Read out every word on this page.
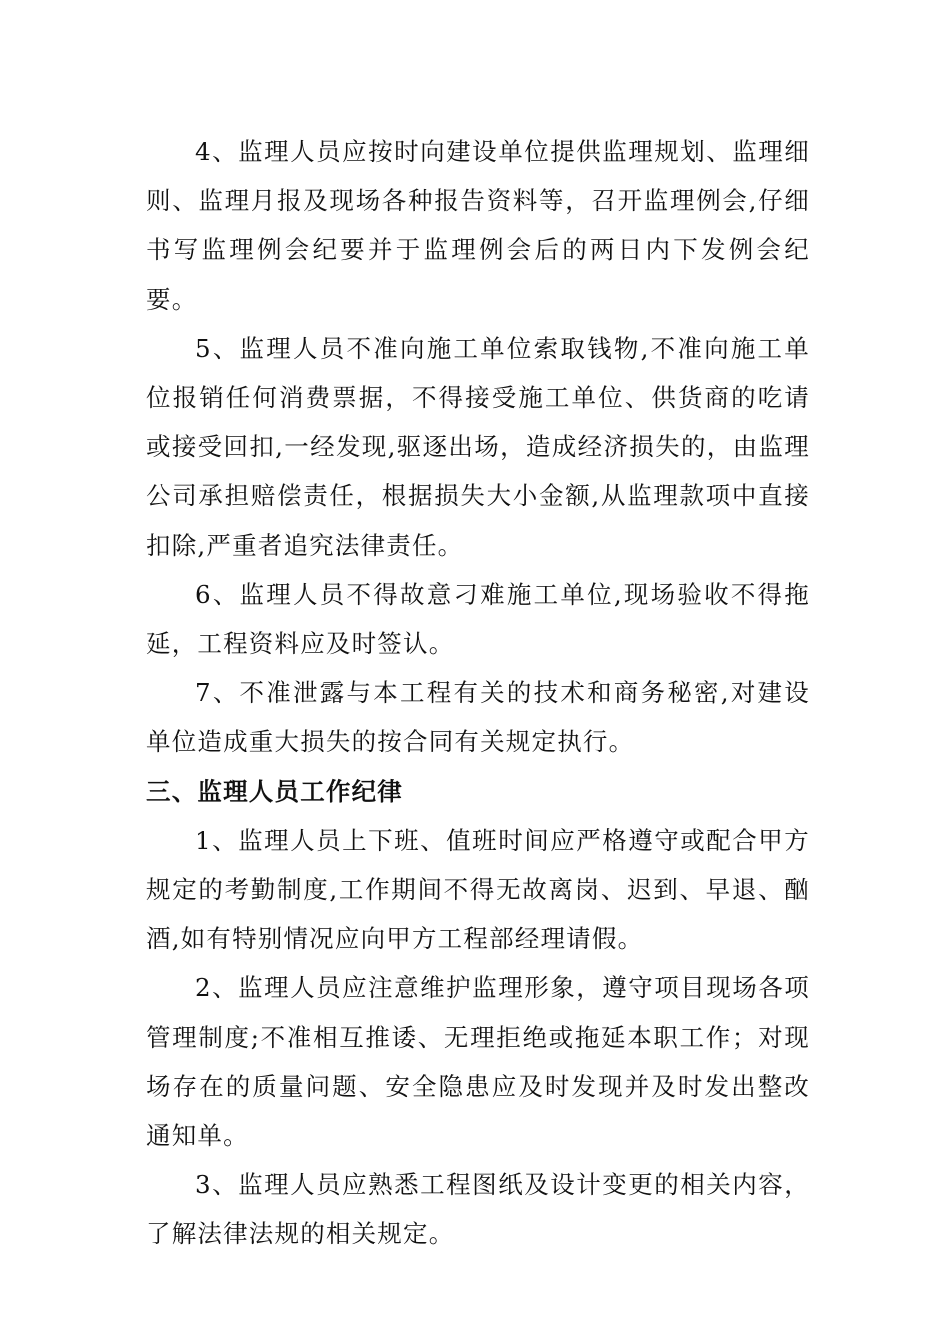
4、监理人员应按时向建设单位提供监理规划、监理细则、监理月报及现场各种报告资料等，召开监理例会,仔细书写监理例会纪要并于监理例会后的两日内下发例会纪要。

5、监理人员不准向施工单位索取钱物,不准向施工单位报销任何消费票据，不得接受施工单位、供货商的吃请或接受回扣,一经发现,驱逐出场，造成经济损失的，由监理公司承担赔偿责任，根据损失大小金额,从监理款项中直接扣除,严重者追究法律责任。

6、监理人员不得故意刁难施工单位,现场验收不得拖延，工程资料应及时签认。

7、不准泄露与本工程有关的技术和商务秘密,对建设单位造成重大损失的按合同有关规定执行。

三、监理人员工作纪律

1、监理人员上下班、值班时间应严格遵守或配合甲方规定的考勤制度,工作期间不得无故离岗、迟到、早退、酗酒,如有特别情况应向甲方工程部经理请假。

2、监理人员应注意维护监理形象，遵守项目现场各项管理制度;不准相互推诿、无理拒绝或拖延本职工作；对现场存在的质量问题、安全隐患应及时发现并及时发出整改通知单。

3、监理人员应熟悉工程图纸及设计变更的相关内容，了解法律法规的相关规定。
